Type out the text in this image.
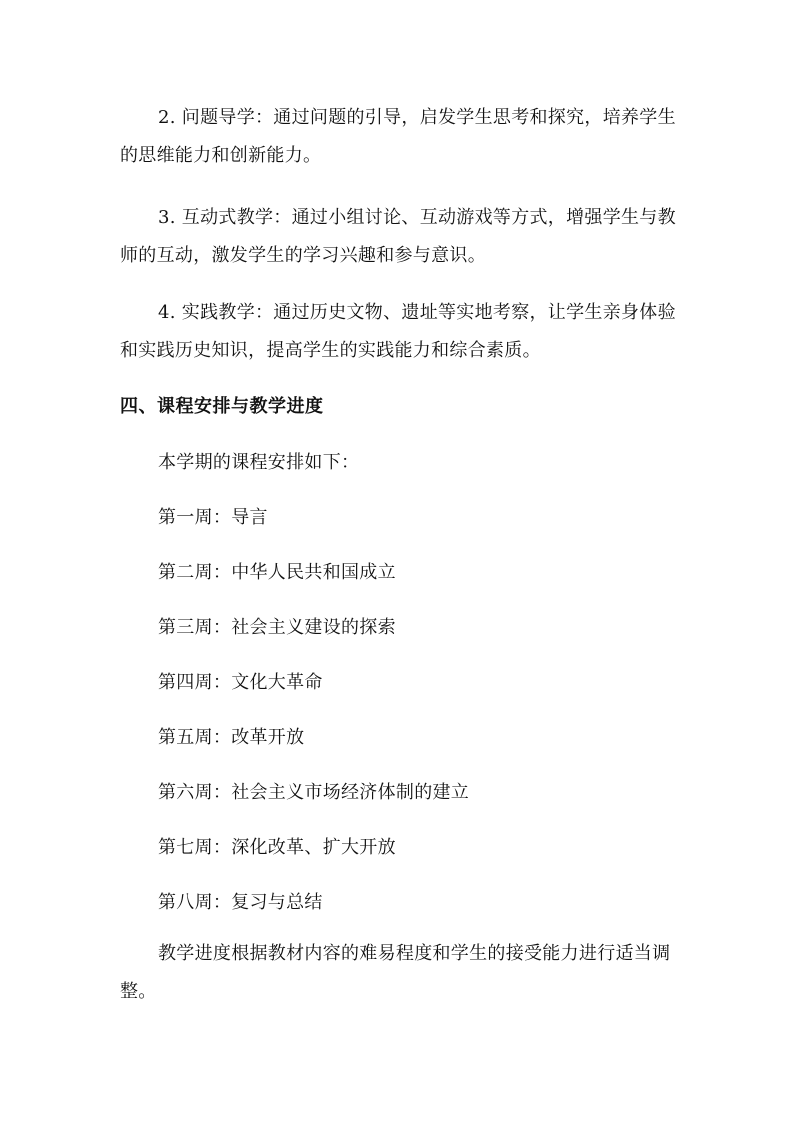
2. 问题导学：通过问题的引导，启发学生思考和探究，培养学生的思维能力和创新能力。

3. 互动式教学：通过小组讨论、互动游戏等方式，增强学生与教师的互动，激发学生的学习兴趣和参与意识。

4. 实践教学：通过历史文物、遗址等实地考察，让学生亲身体验和实践历史知识，提高学生的实践能力和综合素质。

四、课程安排与教学进度

本学期的课程安排如下：

第一周：导言

第二周：中华人民共和国成立

第三周：社会主义建设的探索

第四周：文化大革命

第五周：改革开放

第六周：社会主义市场经济体制的建立

第七周：深化改革、扩大开放

第八周：复习与总结

教学进度根据教材内容的难易程度和学生的接受能力进行适当调整。
